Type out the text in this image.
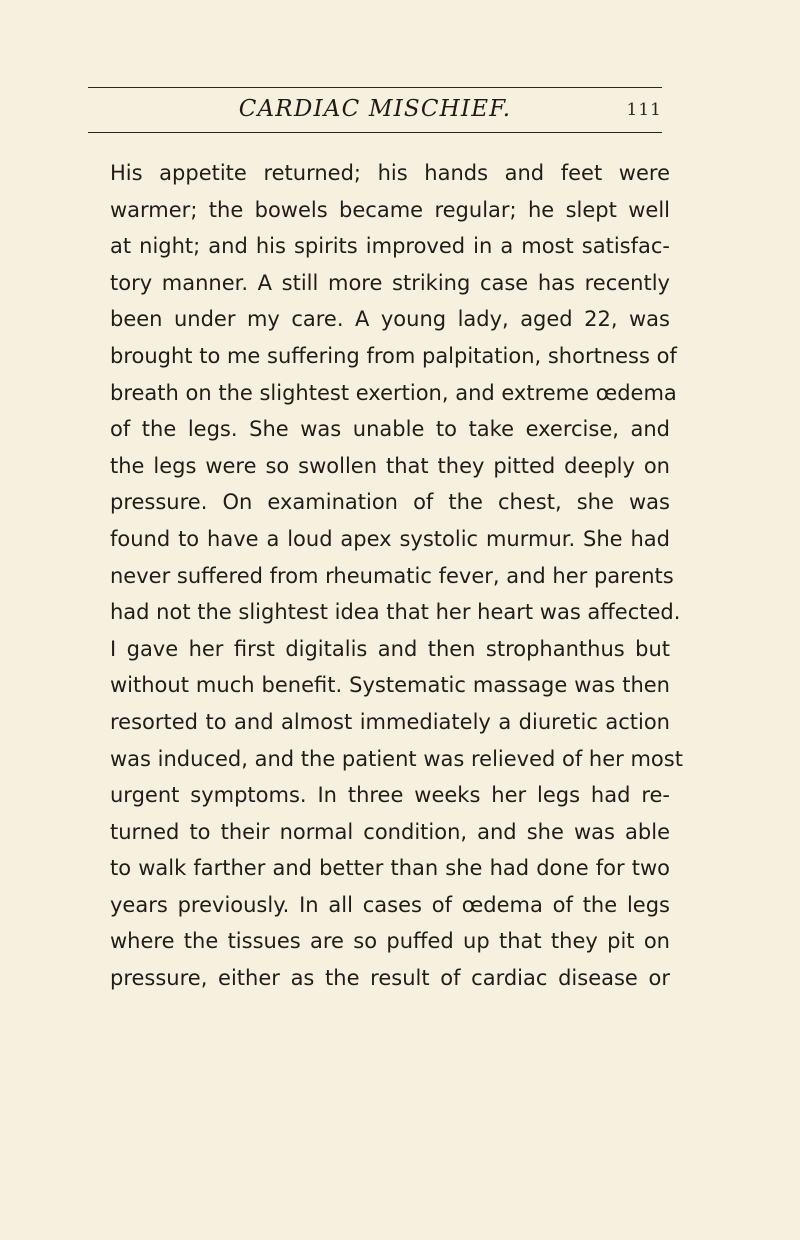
CARDIAC MISCHIEF.	111
His appetite returned; his hands and feet were
warmer; the bowels became regular; he slept well
at night; and his spirits improved in a most satisfac-
tory manner. A still more striking case has recently
been under my care. A young lady, aged 22, was
brought to me suffering from palpitation, shortness of
breath on the slightest exertion, and extreme œdema
of the legs. She was unable to take exercise, and
the legs were so swollen that they pitted deeply on
pressure. On examination of the chest, she was
found to have a loud apex systolic murmur. She had
never suffered from rheumatic fever, and her parents
had not the slightest idea that her heart was affected.
I gave her first digitalis and then strophanthus but
without much benefit. Systematic massage was then
resorted to and almost immediately a diuretic action
was induced, and the patient was relieved of her most
urgent symptoms. In three weeks her legs had re-
turned to their normal condition, and she was able
to walk farther and better than she had done for two
years previously. In all cases of œdema of the legs
where the tissues are so puffed up that they pit on
pressure, either as the result of cardiac disease or
